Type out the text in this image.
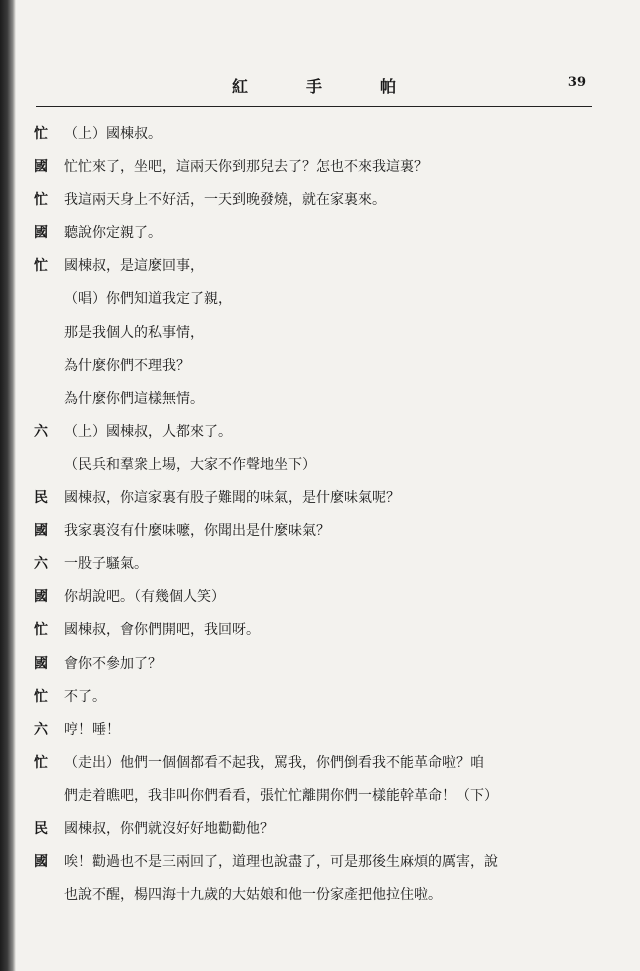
紅手帕	39
忙	（上）國棟叔。
國	忙忙來了，坐吧，這兩天你到那兒去了？怎也不來我這裏？
忙	我這兩天身上不好活，一天到晚發燒，就在家裏來。
國	聽說你定親了。
忙	國棟叔，是這麼回事，
（唱）你們知道我定了親，
那是我個人的私事情，
為什麼你們不理我？
為什麼你們這樣無情。
六	（上）國棟叔，人都來了。
（民兵和羣衆上場，大家不作聲地坐下）
民	國棟叔，你這家裏有股子難聞的味氣，是什麼味氣呢？
國	我家裏沒有什麼味嚒，你聞出是什麼味氣？
六	一股子騷氣。
國	你胡說吧。（有幾個人笑）
忙	國棟叔，會你們開吧，我回呀。
國	會你不參加了？
忙	不了。
六	哼！唾！
忙	（走出）他們一個個都看不起我，罵我，你們倒看我不能革命啦？咱
們走着瞧吧，我非叫你們看看，張忙忙離開你們一樣能幹革命！（下）
民	國棟叔，你們就沒好好地勸勸他？
國	唉！勸過也不是三兩回了，道理也說盡了，可是那後生麻煩的厲害，說
也說不醒，楊四海十九歲的大姑娘和他一份家產把他拉住啦。
